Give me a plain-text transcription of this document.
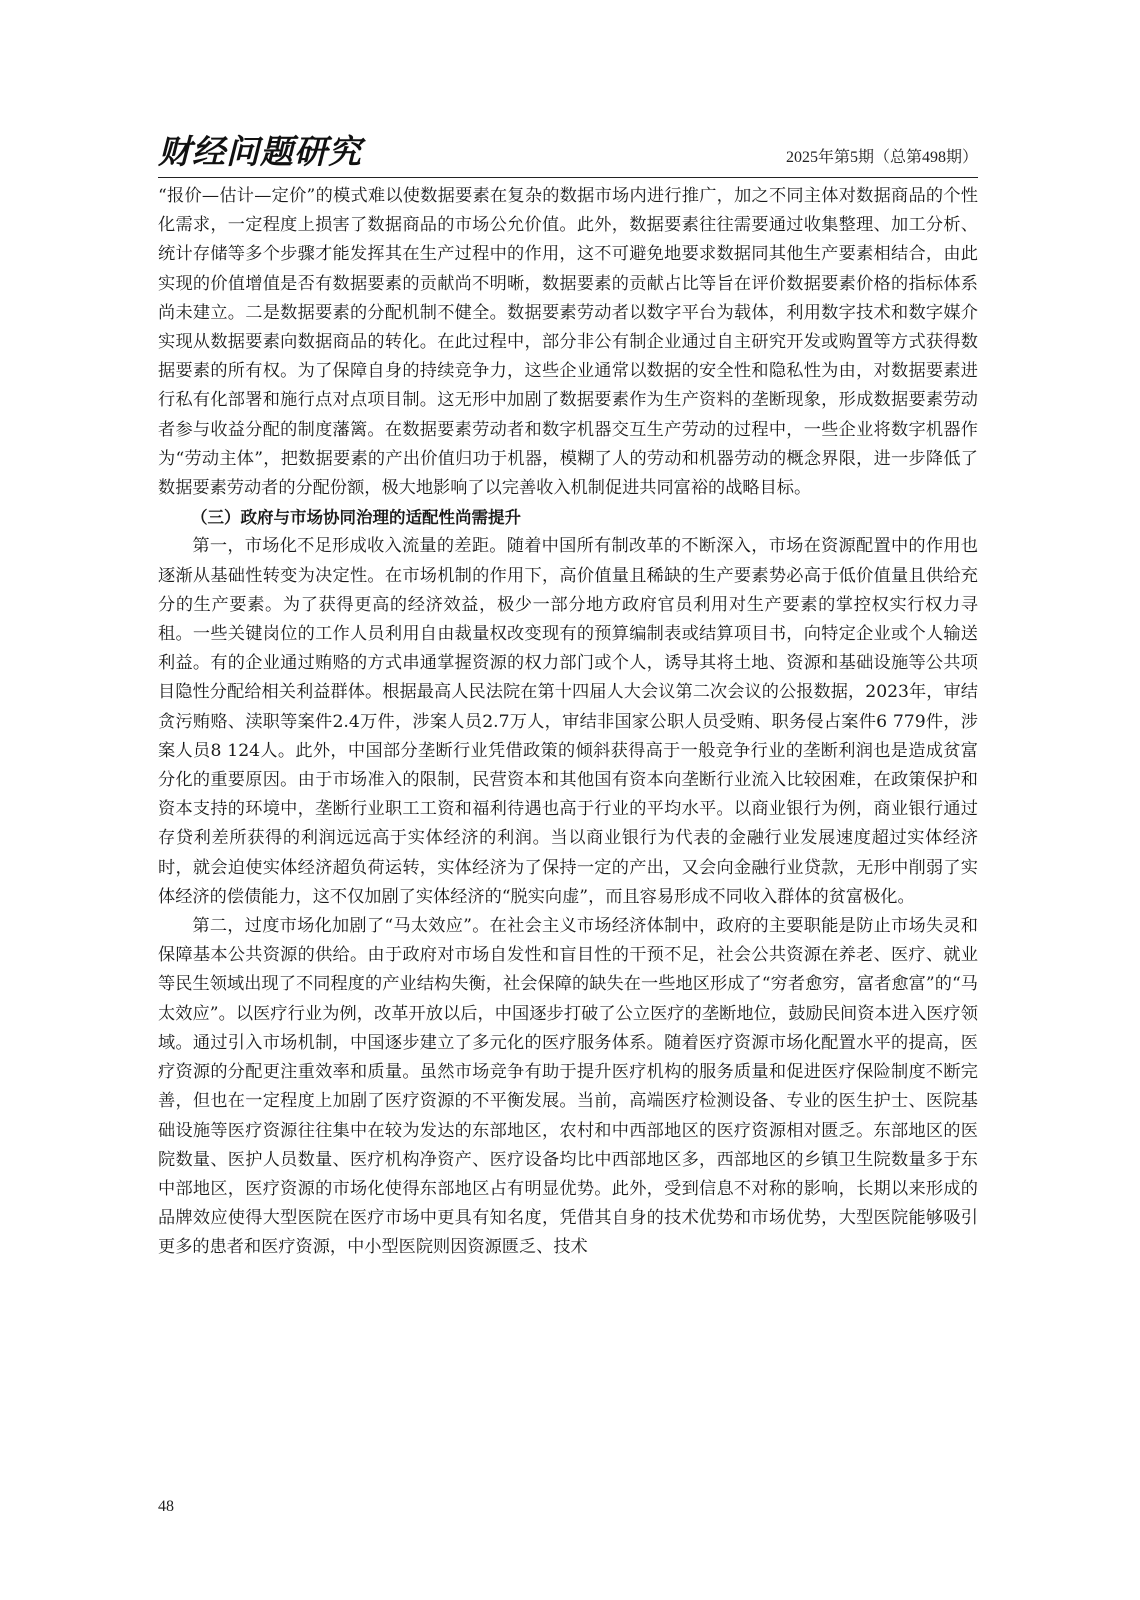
财经问题研究	2025年第5期（总第498期）

“报价—估计—定价”的模式难以使数据要素在复杂的数据市场内进行推广，加之不同主体对数据商品的个性化需求，一定程度上损害了数据商品的市场公允价值。此外，数据要素往往需要通过收集整理、加工分析、统计存储等多个步骤才能发挥其在生产过程中的作用，这不可避免地要求数据同其他生产要素相结合，由此实现的价值增值是否有数据要素的贡献尚不明晰，数据要素的贡献占比等旨在评价数据要素价格的指标体系尚未建立。二是数据要素的分配机制不健全。数据要素劳动者以数字平台为载体，利用数字技术和数字媒介实现从数据要素向数据商品的转化。在此过程中，部分非公有制企业通过自主研究开发或购置等方式获得数据要素的所有权。为了保障自身的持续竞争力，这些企业通常以数据的安全性和隐私性为由，对数据要素进行私有化部署和施行点对点项目制。这无形中加剧了数据要素作为生产资料的垄断现象，形成数据要素劳动者参与收益分配的制度藩篱。在数据要素劳动者和数字机器交互生产劳动的过程中，一些企业将数字机器作为“劳动主体”，把数据要素的产出价值归功于机器，模糊了人的劳动和机器劳动的概念界限，进一步降低了数据要素劳动者的分配份额，极大地影响了以完善收入机制促进共同富裕的战略目标。

（三）政府与市场协同治理的适配性尚需提升

第一，市场化不足形成收入流量的差距。随着中国所有制改革的不断深入，市场在资源配置中的作用也逐渐从基础性转变为决定性。在市场机制的作用下，高价值量且稀缺的生产要素势必高于低价值量且供给充分的生产要素。为了获得更高的经济效益，极少一部分地方政府官员利用对生产要素的掌控权实行权力寻租。一些关键岗位的工作人员利用自由裁量权改变现有的预算编制表或结算项目书，向特定企业或个人输送利益。有的企业通过贿赂的方式串通掌握资源的权力部门或个人，诱导其将土地、资源和基础设施等公共项目隐性分配给相关利益群体。根据最高人民法院在第十四届人大会议第二次会议的公报数据，2023年，审结贪污贿赂、渎职等案件2.4万件，涉案人员2.7万人，审结非国家公职人员受贿、职务侵占案件6 779件，涉案人员8 124人。此外，中国部分垄断行业凭借政策的倾斜获得高于一般竞争行业的垄断利润也是造成贫富分化的重要原因。由于市场准入的限制，民营资本和其他国有资本向垄断行业流入比较困难，在政策保护和资本支持的环境中，垄断行业职工工资和福利待遇也高于行业的平均水平。以商业银行为例，商业银行通过存贷利差所获得的利润远远高于实体经济的利润。当以商业银行为代表的金融行业发展速度超过实体经济时，就会迫使实体经济超负荷运转，实体经济为了保持一定的产出，又会向金融行业贷款，无形中削弱了实体经济的偿债能力，这不仅加剧了实体经济的“脱实向虚”，而且容易形成不同收入群体的贫富极化。

第二，过度市场化加剧了“马太效应”。在社会主义市场经济体制中，政府的主要职能是防止市场失灵和保障基本公共资源的供给。由于政府对市场自发性和盲目性的干预不足，社会公共资源在养老、医疗、就业等民生领域出现了不同程度的产业结构失衡，社会保障的缺失在一些地区形成了“穷者愈穷，富者愈富”的“马太效应”。以医疗行业为例，改革开放以后，中国逐步打破了公立医疗的垄断地位，鼓励民间资本进入医疗领域。通过引入市场机制，中国逐步建立了多元化的医疗服务体系。随着医疗资源市场化配置水平的提高，医疗资源的分配更注重效率和质量。虽然市场竞争有助于提升医疗机构的服务质量和促进医疗保险制度不断完善，但也在一定程度上加剧了医疗资源的不平衡发展。当前，高端医疗检测设备、专业的医生护士、医院基础设施等医疗资源往往集中在较为发达的东部地区，农村和中西部地区的医疗资源相对匮乏。东部地区的医院数量、医护人员数量、医疗机构净资产、医疗设备均比中西部地区多，西部地区的乡镇卫生院数量多于东中部地区，医疗资源的市场化使得东部地区占有明显优势。此外，受到信息不对称的影响，长期以来形成的品牌效应使得大型医院在医疗市场中更具有知名度，凭借其自身的技术优势和市场优势，大型医院能够吸引更多的患者和医疗资源，中小型医院则因资源匮乏、技术

48
